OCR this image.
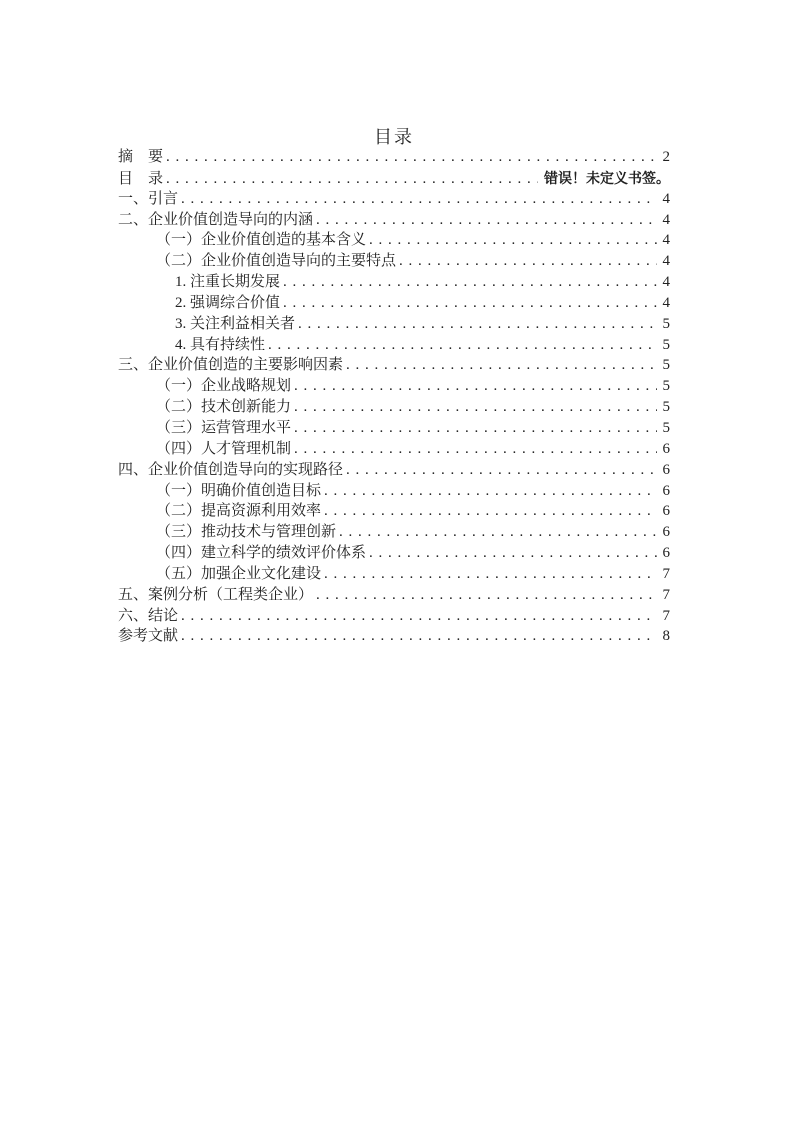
目录
摘　要 . . .	2
目　录 . . .	错误！未定义书签。
一、引言 . . .	4
二、企业价值创造导向的内涵 . . .	4
（一）企业价值创造的基本含义 . . .	4
（二）企业价值创造导向的主要特点 . . .	4
1. 注重长期发展 . . .	4
2. 强调综合价值 . . .	4
3. 关注利益相关者 . . .	5
4. 具有持续性 . . .	5
三、企业价值创造的主要影响因素 . . .	5
（一）企业战略规划 . . .	5
（二）技术创新能力 . . .	5
（三）运营管理水平 . . .	5
（四）人才管理机制 . . .	6
四、企业价值创造导向的实现路径 . . .	6
（一）明确价值创造目标 . . .	6
（二）提高资源利用效率 . . .	6
（三）推动技术与管理创新 . . .	6
（四）建立科学的绩效评价体系 . . .	6
（五）加强企业文化建设 . . .	7
五、案例分析（工程类企业） . . .	7
六、结论 . . .	7
参考文献 . . .	8
